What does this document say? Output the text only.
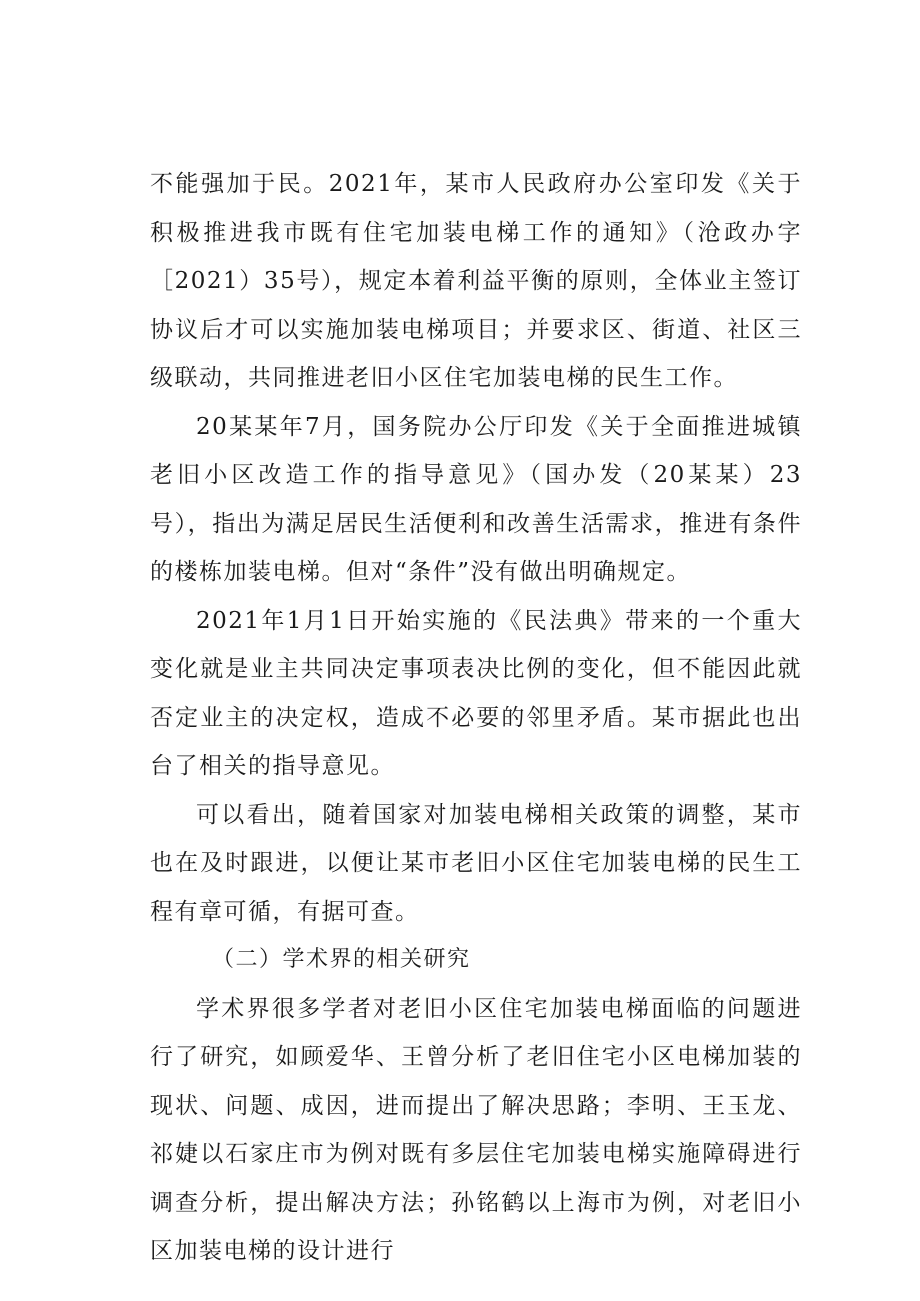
不能强加于民。2021年，某市人民政府办公室印发《关于积极推进我市既有住宅加装电梯工作的通知》（沧政办字［2021）35号），规定本着利益平衡的原则，全体业主签订协议后才可以实施加装电梯项目；并要求区、街道、社区三级联动，共同推进老旧小区住宅加装电梯的民生工作。

20某某年7月，国务院办公厅印发《关于全面推进城镇老旧小区改造工作的指导意见》（国办发（20某某）23号），指出为满足居民生活便利和改善生活需求，推进有条件的楼栋加装电梯。但对“条件”没有做出明确规定。

2021年1月1日开始实施的《民法典》带来的一个重大变化就是业主共同决定事项表决比例的变化，但不能因此就否定业主的决定权，造成不必要的邻里矛盾。某市据此也出台了相关的指导意见。

可以看出，随着国家对加装电梯相关政策的调整，某市也在及时跟进，以便让某市老旧小区住宅加装电梯的民生工程有章可循，有据可查。

（二）学术界的相关研究

学术界很多学者对老旧小区住宅加装电梯面临的问题进行了研究，如顾爱华、王曾分析了老旧住宅小区电梯加装的现状、问题、成因，进而提出了解决思路；李明、王玉龙、祁婕以石家庄市为例对既有多层住宅加装电梯实施障碍进行调查分析，提出解决方法；孙铭鹤以上海市为例，对老旧小区加装电梯的设计进行
